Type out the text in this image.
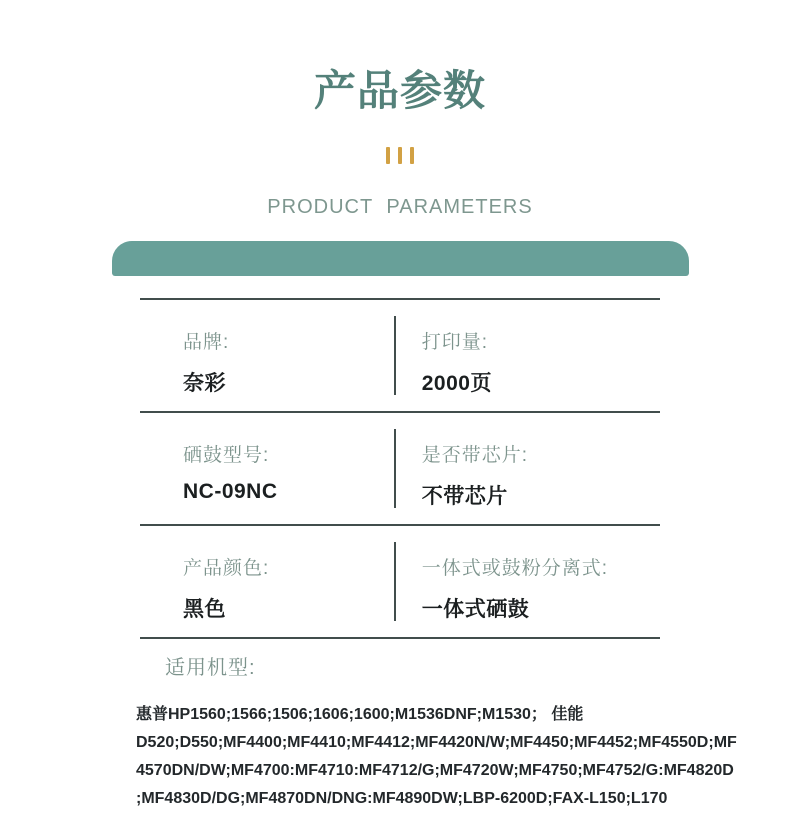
产品参数
PRODUCT PARAMETERS
品牌:
奈彩
打印量:
2000页
硒鼓型号:
NC-09NC
是否带芯片:
不带芯片
产品颜色:
黑色
一体式或鼓粉分离式:
一体式硒鼓
适用机型:
惠普HP1560;1566;1506;1606;1600;M1536DNF;M1530； 佳能
D520;D550;MF4400;MF4410;MF4412;MF4420N/W;MF4450;MF4452;MF4550D;MF
4570DN/DW;MF4700:MF4710:MF4712/G;MF4720W;MF4750;MF4752/G:MF4820D
;MF4830D/DG;MF4870DN/DNG:MF4890DW;LBP-6200D;FAX-L150;L170
